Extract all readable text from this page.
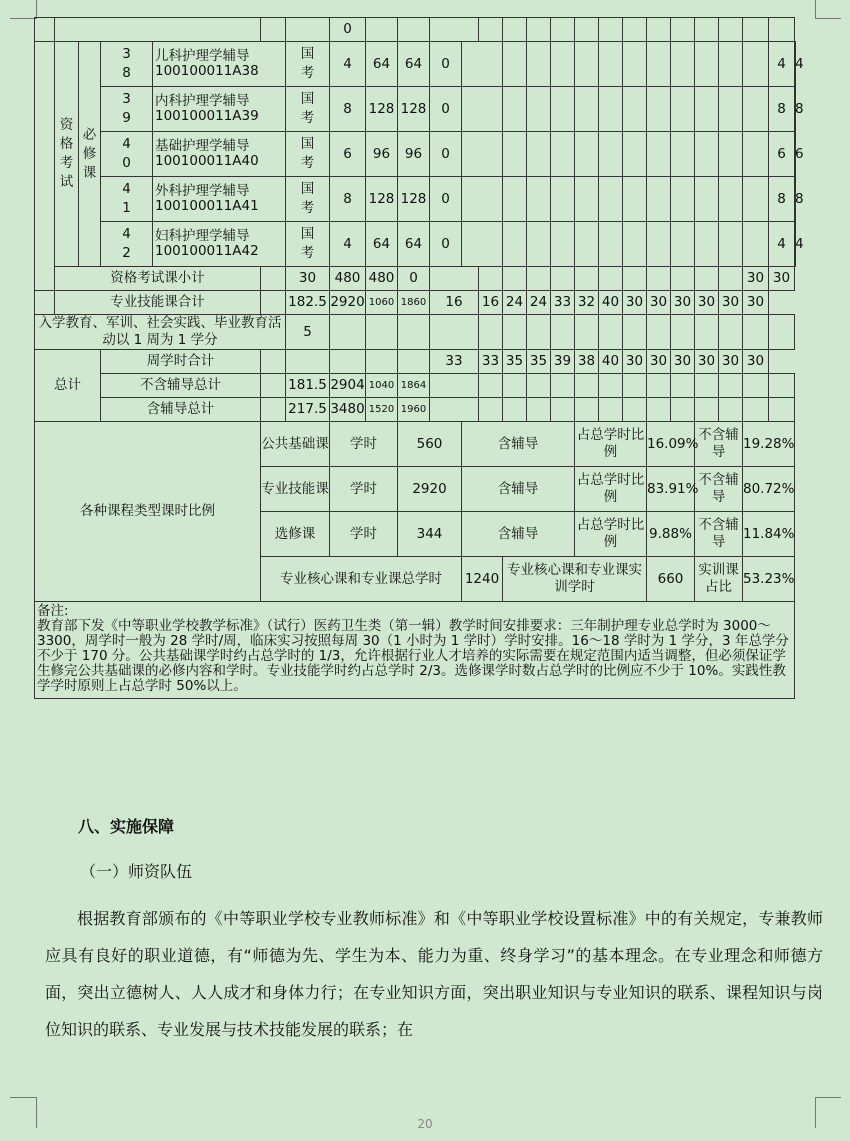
								0																		

	资格考试	必修课	38	儿科护理学辅导
100100011A38			国考	4	64	64	0														4	4

			39	内科护理学辅导
100100011A39			国考	8	128	128	0														8	8

			40	基础护理学辅导
100100011A40			国考	6	96	96	0														6	6

			41	外科护理学辅导
100100011A41			国考	8	128	128	0														8	8

			42	妇科护理学辅导
100100011A42			国考	4	64	64	0														4	4
	资格考试课小计						30	480	480	0														30	30	
	专业技能课合计						182.5	2920	1060	1860	16		16	24	24	33	32	40	30	30	30	30	30	30		
入学教育、军训、社会实践、毕业教育活动以 1 周为 1 学分							5																			
总计			周学时合计								33		33	35	35	39	38	40	30	30	30	30	30	30		
			不含辅导总计				181.5	2904	1040	1864																
			含辅导总计				217.5	3480	1520	1960																
各种课程类型课时比例						公共基础课		学时		560		含辅导					占总学时比例			16.09%		不含辅导		19.28%		
						专业技能课		学时		2920		含辅导					占总学时比例			83.91%		不含辅导		80.72%		
						选修课		学时		344		含辅导					占总学时比例			9.88%		不含辅导		11.84%		
						专业核心课和专业课总学时						1240		专业核心课和专业课实训学时						660		实训课占比		53.23%		

备注:
教育部下发《中等职业学校教学标准》（试行）医药卫生类（第一辑）教学时间安排要求：三年制护理专业总学时为 3000～3300，周学时一般为 28 学时/周，临床实习按照每周 30（1 小时为 1 学时）学时安排。16～18 学时为 1 学分，3 年总学分不少于 170 分。公共基础课学时约占总学时的 1/3，允许根据行业人才培养的实际需要在规定范围内适当调整，但必须保证学生修完公共基础课的必修内容和学时。专业技能学时约占总学时 2/3。选修课学时数占总学时的比例应不少于 10%。实践性教学学时原则上占总学时 50%以上。																										
八、实施保障
（一）师资队伍

根据教育部颁布的《中等职业学校专业教师标准》和《中等职业学校设置标准》中的有关规定，专兼教师应具有良好的职业道德，有“师德为先、学生为本、能力为重、终身学习”的基本理念。在专业理念和师德方面，突出立德树人、人人成才和身体力行；在专业知识方面，突出职业知识与专业知识的联系、课程知识与岗位知识的联系、专业发展与技术技能发展的联系；在

20
